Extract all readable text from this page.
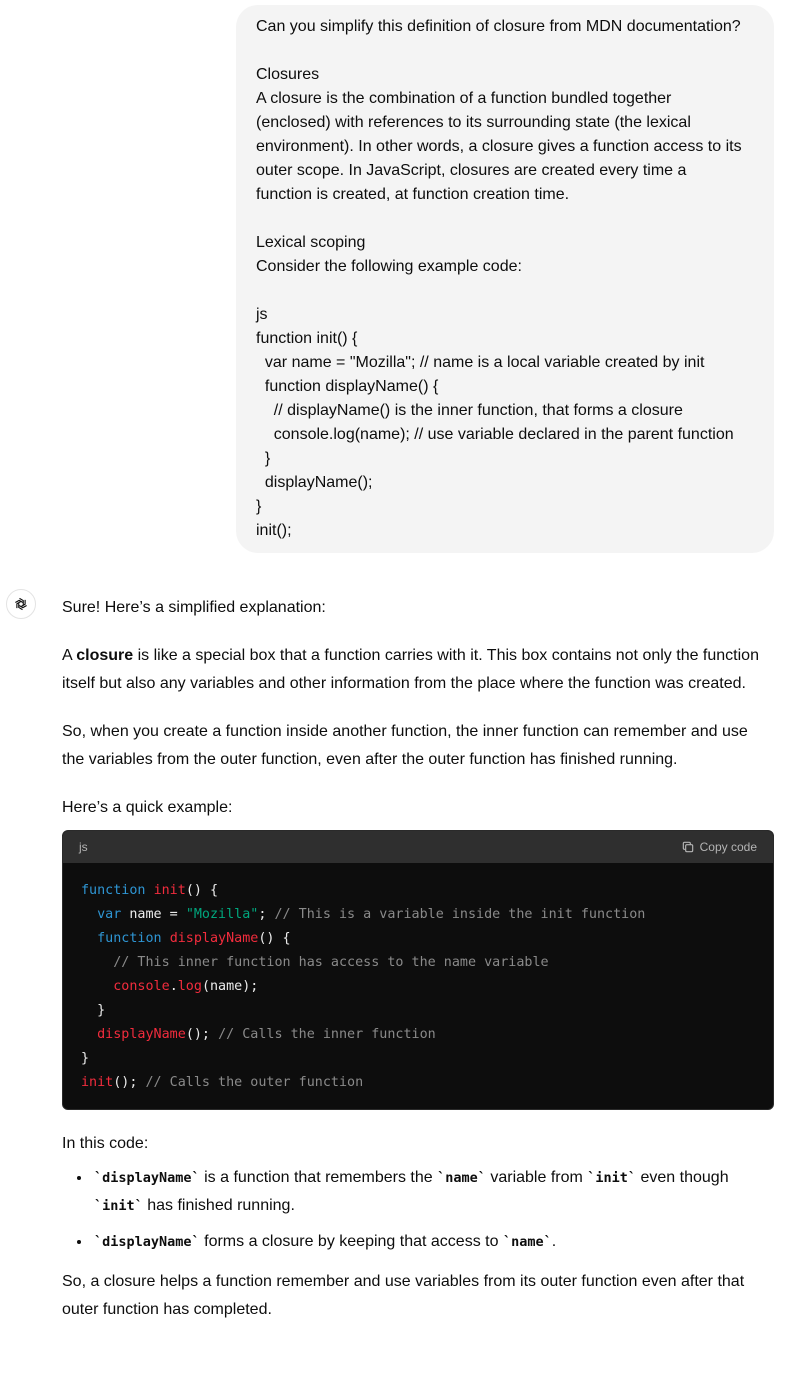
Can you simplify this definition of closure from MDN documentation?
Closures
A closure is the combination of a function bundled together
(enclosed) with references to its surrounding state (the lexical
environment). In other words, a closure gives a function access to its
outer scope. In JavaScript, closures are created every time a
function is created, at function creation time.
Lexical scoping
Consider the following example code:
js
function init() {
var name = "Mozilla"; // name is a local variable created by init
function displayName() {
// displayName() is the inner function, that forms a closure
console.log(name); // use variable declared in the parent function
}
displayName();
}
init();

Sure! Here’s a simplified explanation:

A closure is like a special box that a function carries with it. This box contains not only the function itself but also any variables and other information from the place where the function was created.

So, when you create a function inside another function, the inner function can remember and use the variables from the outer function, even after the outer function has finished running.

Here’s a quick example:

js	Copy code
function init() {
var name = "Mozilla"; // This is a variable inside the init function
function displayName() {
// This inner function has access to the name variable
console.log(name);
}
displayName(); // Calls the inner function
}
init(); // Calls the outer function

In this code:

• `displayName` is a function that remembers the `name` variable from `init` even though `init` has finished running.
• `displayName` forms a closure by keeping that access to `name`.

So, a closure helps a function remember and use variables from its outer function even after that outer function has completed.
